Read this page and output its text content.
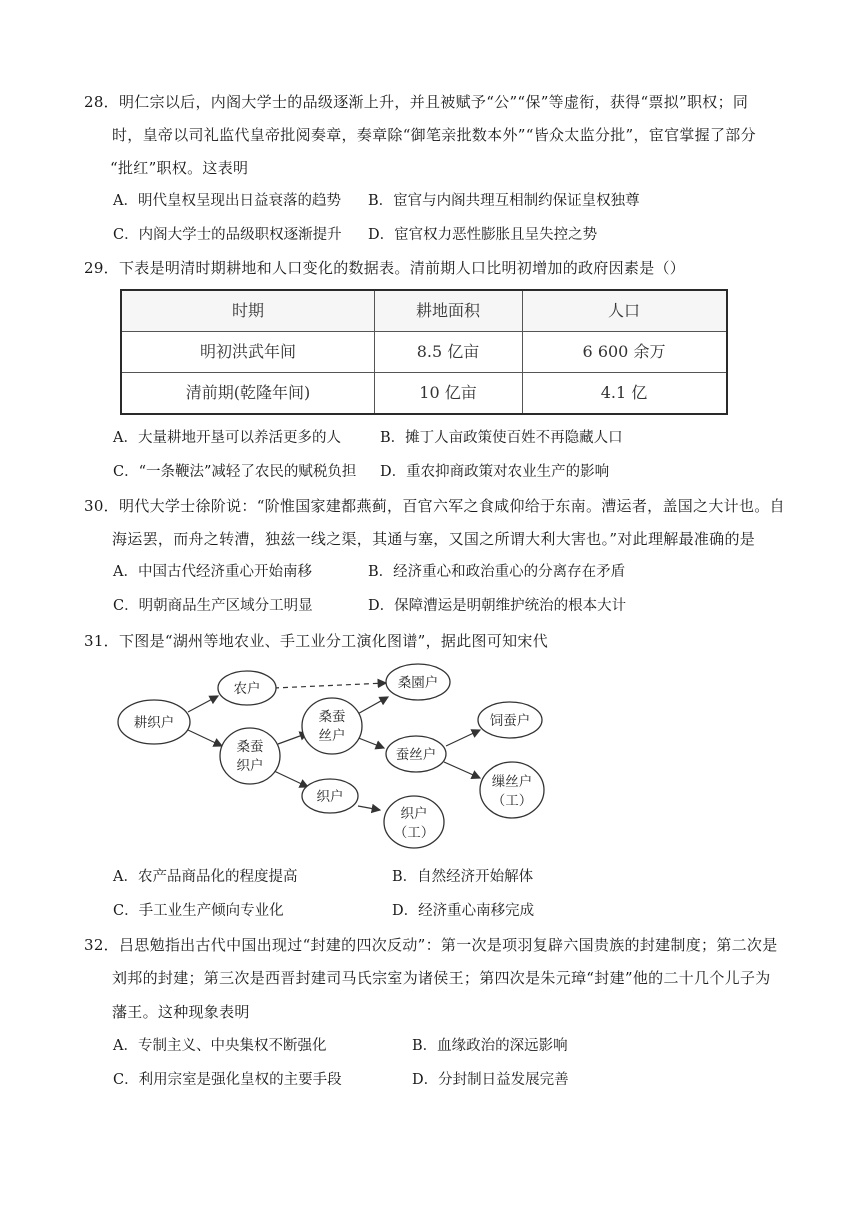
28．明仁宗以后，内阁大学士的品级逐渐上升，并且被赋予“公”“保”等虚衔，获得“票拟”职权；同
时，皇帝以司礼监代皇帝批阅奏章，奏章除“御笔亲批数本外”“皆众太监分批”，宦官掌握了部分
“批红”职权。这表明
A．明代皇权呈现出日益衰落的趋势 B．宦官与内阁共理互相制约保证皇权独尊
C．内阁大学士的品级职权逐渐提升 D．宦官权力恶性膨胀且呈失控之势
29．下表是明清时期耕地和人口变化的数据表。清前期人口比明初增加的政府因素是（）
时期	耕地面积	人口
明初洪武年间	8.5 亿亩	6 600 余万
清前期(乾隆年间)	10 亿亩	4.1 亿
A．大量耕地开垦可以养活更多的人	B．摊丁人亩政策使百姓不再隐藏人口
C．“一条鞭法”减轻了农民的赋税负担 D．重农抑商政策对农业生产的影响
30．明代大学士徐阶说：“阶惟国家建都燕蓟，百官六军之食咸仰给于东南。漕运者，盖国之大计也。自
海运罢，而舟之转漕，独兹一线之渠，其通与塞，又国之所谓大利大害也。”对此理解最准确的是
A．中国古代经济重心开始南移	B．经济重心和政治重心的分离存在矛盾
C．明朝商品生产区域分工明显	D．保障漕运是明朝维护统治的根本大计
31．下图是“湖州等地农业、手工业分工演化图谱”，据此图可知宋代
耕织户
农户
桑蚕
织户
桑蚕
丝户
桑園户
蚕丝户
饲蚕户
缫丝户
（工）
织户
织户
（工）
A．农产品商品化的程度提高	B．自然经济开始解体
C．手工业生产倾向专业化	D．经济重心南移完成
32．吕思勉指出古代中国出现过“封建的四次反动”：第一次是项羽复辟六国贵族的封建制度；第二次是
刘邦的封建；第三次是西晋封建司马氏宗室为诸侯王；第四次是朱元璋“封建”他的二十几个儿子为
藩王。这种现象表明
A．专制主义、中央集权不断强化	B．血缘政治的深远影响
C．利用宗室是强化皇权的主要手段	D．分封制日益发展完善
